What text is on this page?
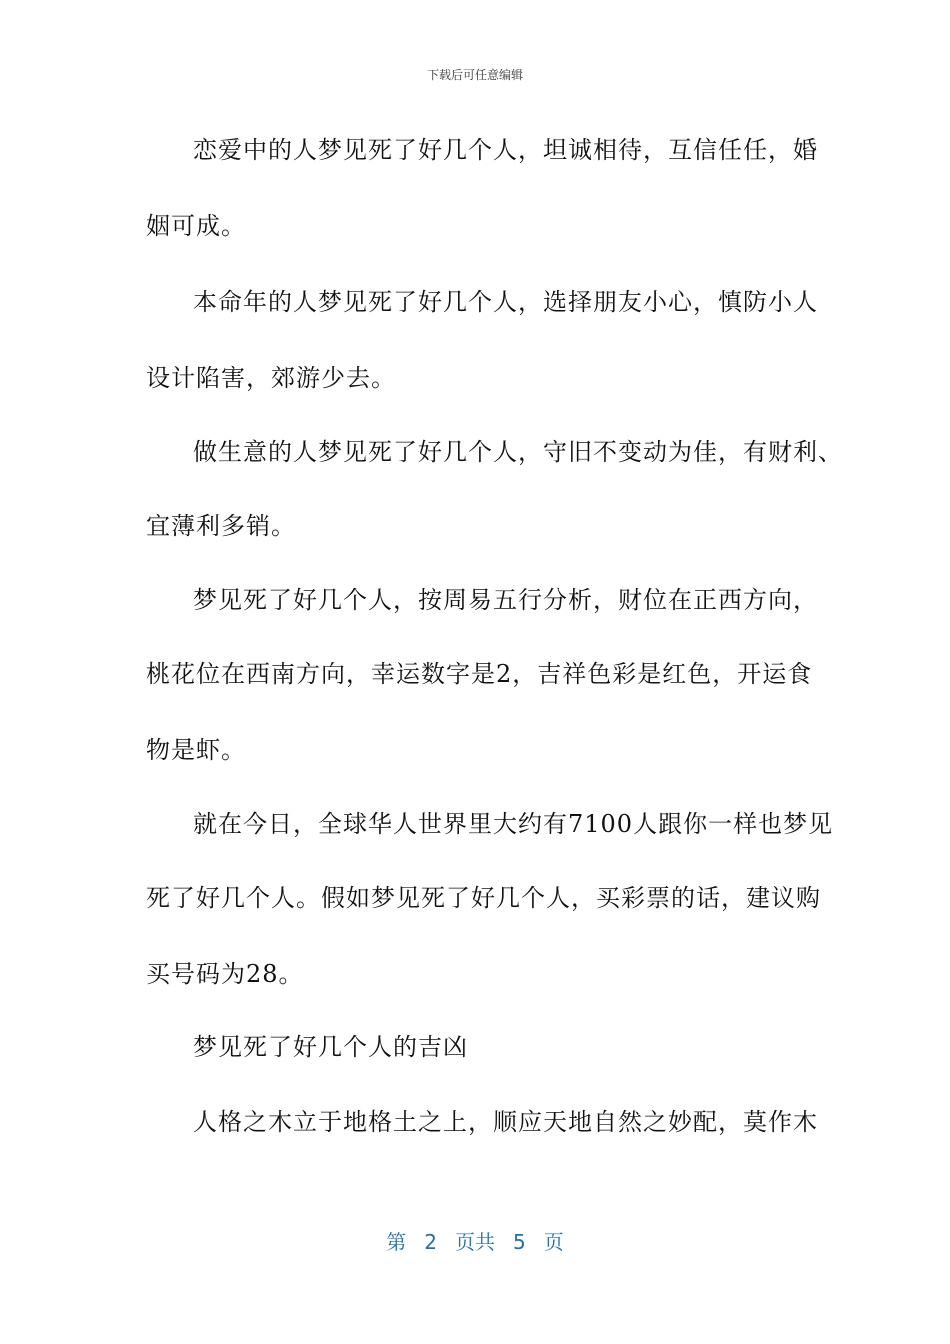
下载后可任意编辑
恋爱中的人梦见死了好几个人，坦诚相待，互信任任，婚
姻可成。
本命年的人梦见死了好几个人，选择朋友小心，慎防小人
设计陷害，郊游少去。
做生意的人梦见死了好几个人，守旧不变动为佳，有财利、
宜薄利多销。
梦见死了好几个人，按周易五行分析，财位在正西方向，
桃花位在西南方向，幸运数字是2，吉祥色彩是红色，开运食
物是虾。
就在今日，全球华人世界里大约有7100人跟你一样也梦见
死了好几个人。假如梦见死了好几个人，买彩票的话，建议购
买号码为28。
梦见死了好几个人的吉凶
人格之木立于地格土之上，顺应天地自然之妙配，莫作木
第 2 页共 5 页
